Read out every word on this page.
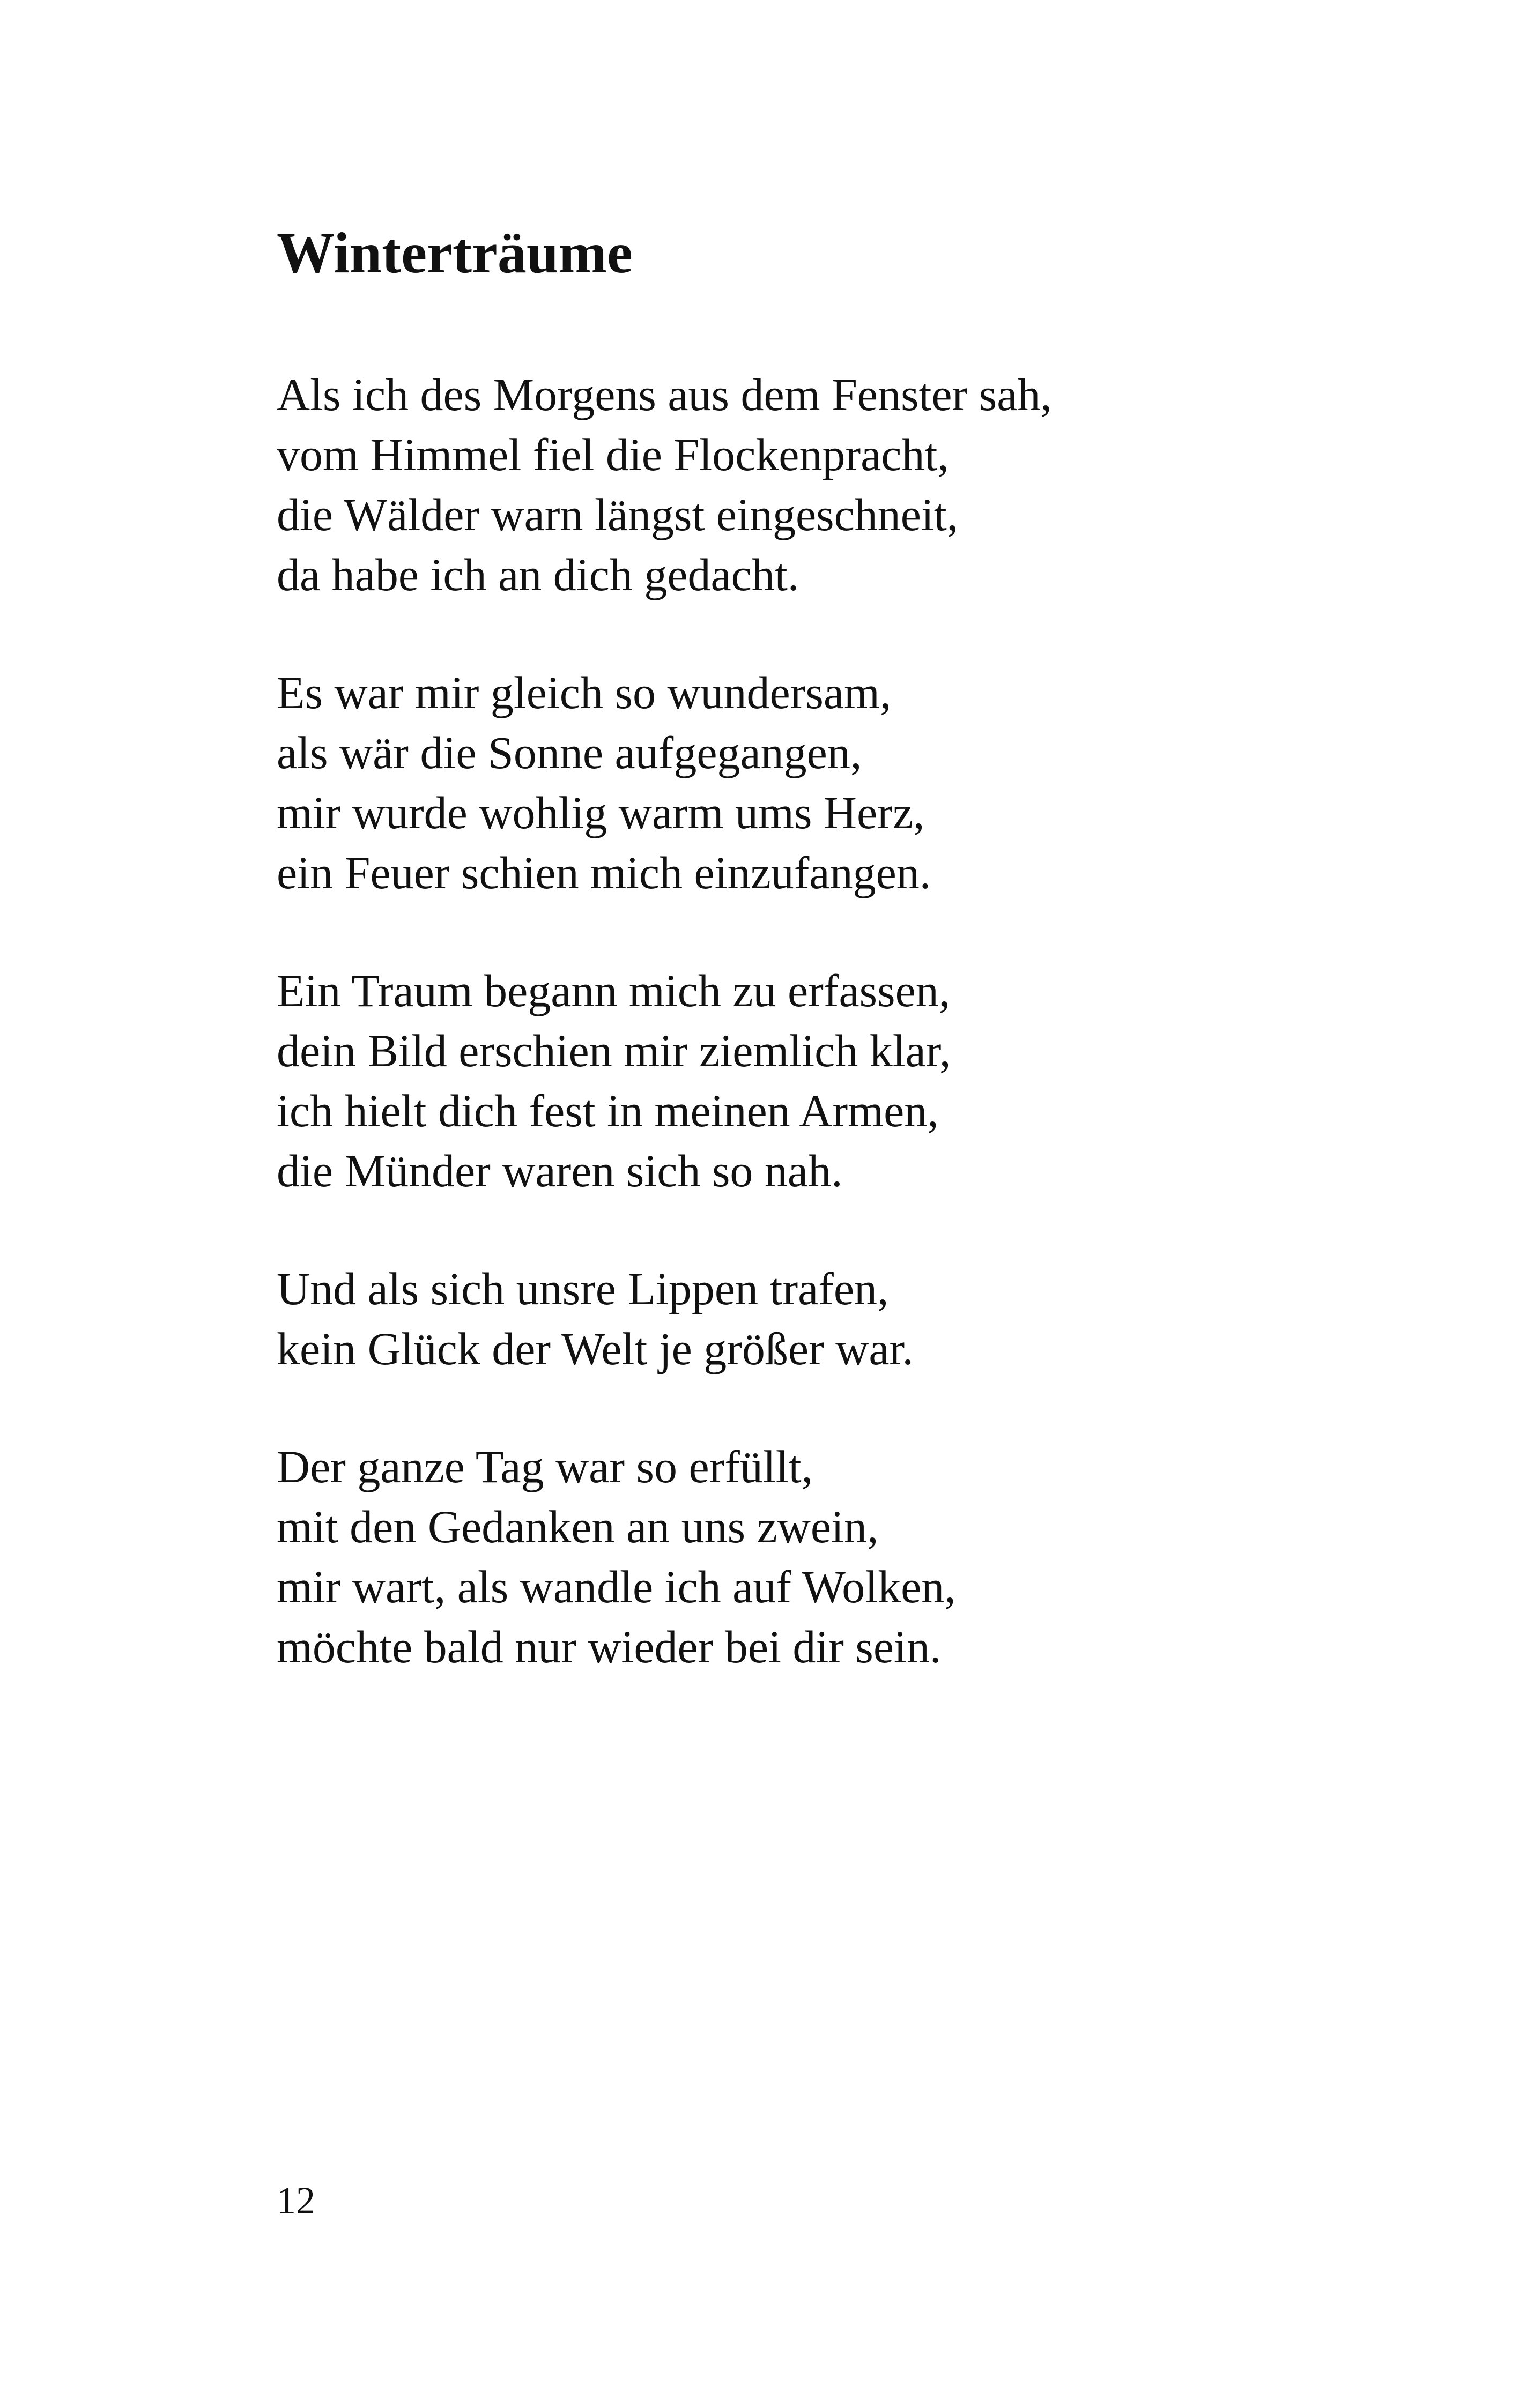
Winterträume

Als ich des Morgens aus dem Fenster sah,
vom Himmel fiel die Flockenpracht,
die Wälder warn längst eingeschneit,
da habe ich an dich gedacht.

Es war mir gleich so wundersam,
als wär die Sonne aufgegangen,
mir wurde wohlig warm ums Herz,
ein Feuer schien mich einzufangen.

Ein Traum begann mich zu erfassen,
dein Bild erschien mir ziemlich klar,
ich hielt dich fest in meinen Armen,
die Münder waren sich so nah.

Und als sich unsre Lippen trafen,
kein Glück der Welt je größer war.

Der ganze Tag war so erfüllt,
mit den Gedanken an uns zwein,
mir wart, als wandle ich auf Wolken,
möchte bald nur wieder bei dir sein.

12
